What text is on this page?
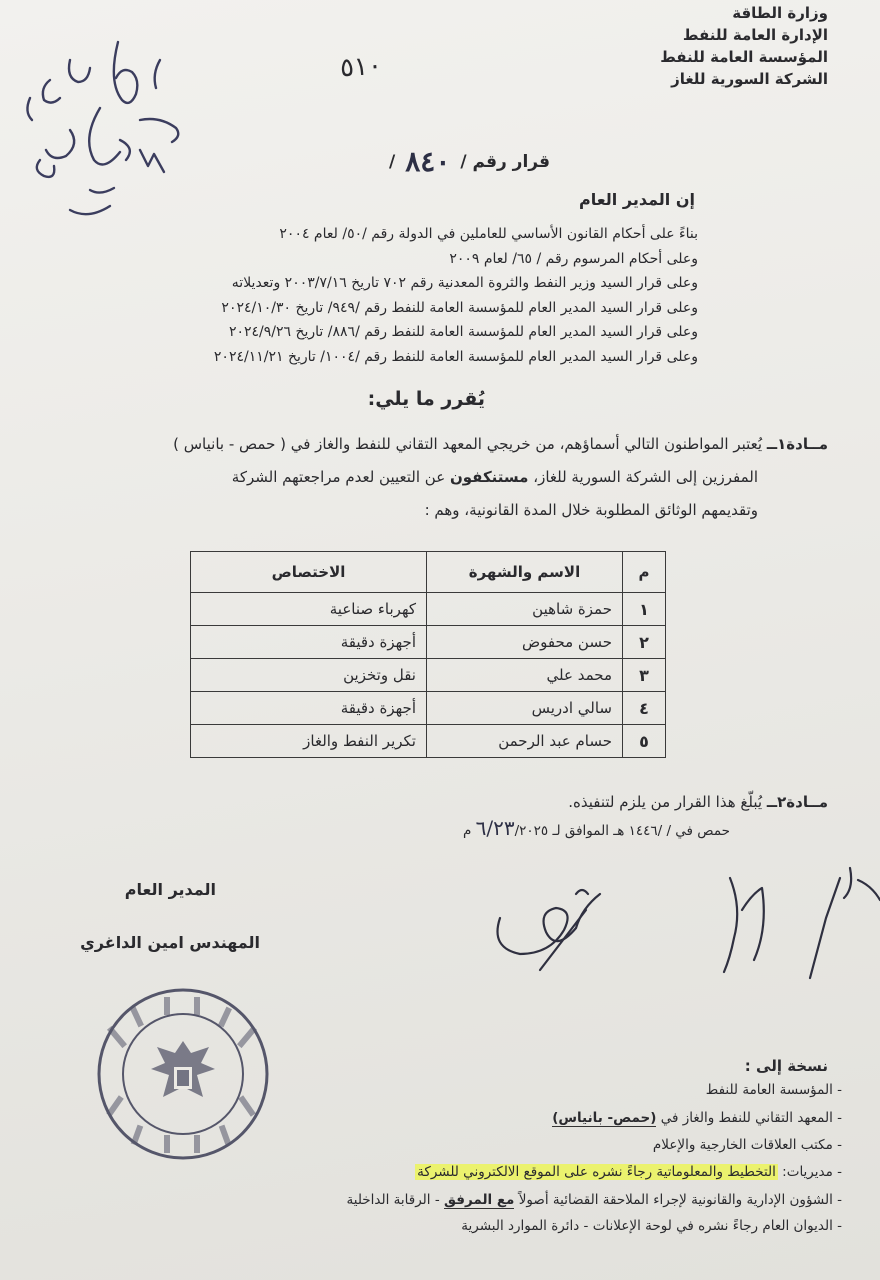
وزارة الطاقة
الإدارة العامة للنفط
المؤسسة العامة للنفط
الشركة السورية للغاز
٥١٠
قرار رقم /
٨٤٠
/
إن المدير العام
بناءً على أحكام القانون الأساسي للعاملين في الدولة رقم /٥٠/ لعام ٢٠٠٤
وعلى أحكام المرسوم رقم / ٦٥/ لعام ٢٠٠٩
وعلى قرار السيد وزير النفط والثروة المعدنية رقم ٧٠٢ تاريخ ٢٠٠٣/٧/١٦ وتعديلاته
وعلى قرار السيد المدير العام للمؤسسة العامة للنفط رقم /٩٤٩/ تاريخ ٢٠٢٤/١٠/٣٠
وعلى قرار السيد المدير العام للمؤسسة العامة للنفط رقم /٨٨٦/ تاريخ ٢٠٢٤/٩/٢٦
وعلى قرار السيد المدير العام للمؤسسة العامة للنفط رقم /١٠٠٤/ تاريخ ٢٠٢٤/١١/٢١
يُقرر ما يلي:
مــادة١ــ يُعتبر المواطنون التالي أسماؤهم، من خريجي المعهد التقاني للنفط والغاز في ( حمص - بانياس )
المفرزين إلى الشركة السورية للغاز، مستنكفون عن التعيين لعدم مراجعتهم الشركة
وتقديمهم الوثائق المطلوبة خلال المدة القانونية، وهم :
م	الاسم والشهرة	الاختصاص
١	حمزة شاهين	كهرباء صناعية
٢	حسن محفوض	أجهزة دقيقة
٣	محمد علي	نقل وتخزين
٤	سالي ادريس	أجهزة دقيقة
٥	حسام عبد الرحمن	تكرير النفط والغاز
مــادة٢ــ يُبلّغ هذا القرار من يلزم لتنفيذه.
حمص في / /١٤٤٦ هـ الموافق لـ ٦/٢٣/٢٠٢٥ م
المدير العام
المهندس امين الداغري
نسخة إلى :
- المؤسسة العامة للنفط
- المعهد التقاني للنفط والغاز في (حمص- بانياس)
- مكتب العلاقات الخارجية والإعلام
- مديريات: التخطيط والمعلوماتية رجاءً نشره على الموقع الالكتروني للشركة
- الشؤون الإدارية والقانونية لإجراء الملاحقة القضائية أصولاً مع المرفق - الرقابة الداخلية
- الديوان العام رجاءً نشره في لوحة الإعلانات - دائرة الموارد البشرية
